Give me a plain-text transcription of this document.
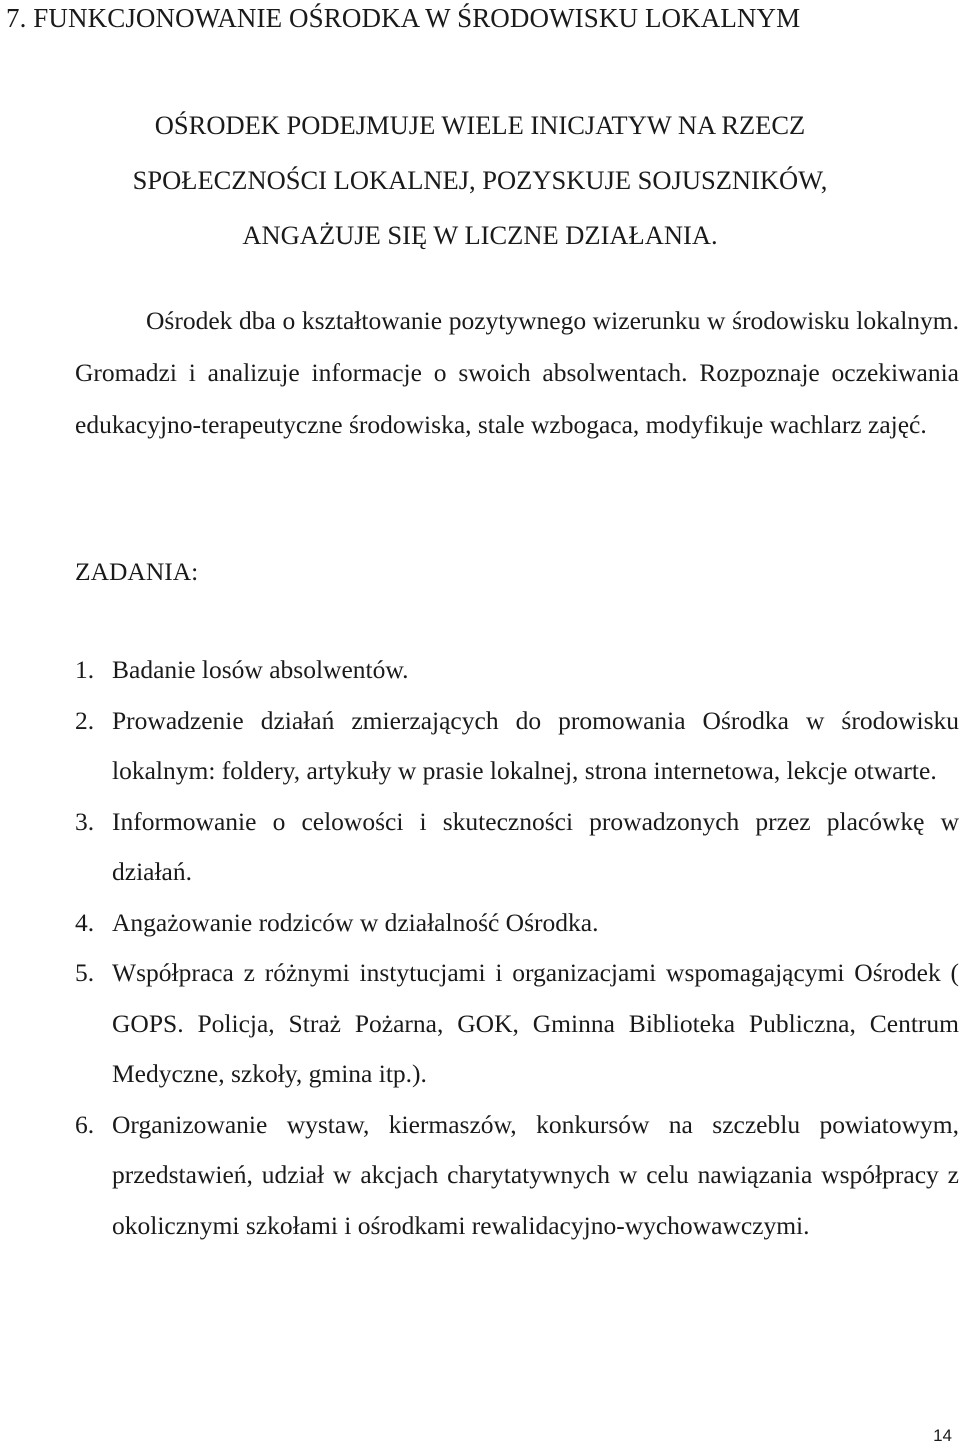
7. FUNKCJONOWANIE OŚRODKA W ŚRODOWISKU LOKALNYM
OŚRODEK PODEJMUJE WIELE INICJATYW NA RZECZ
SPOŁECZNOŚCI LOKALNEJ, POZYSKUJE SOJUSZNIKÓW,
ANGAŻUJE SIĘ W LICZNE DZIAŁANIA.

Ośrodek dba o kształtowanie pozytywnego wizerunku w środowisku lokalnym. Gromadzi i analizuje informacje o swoich absolwentach. Rozpoznaje oczekiwania edukacyjno-terapeutyczne środowiska, stale wzbogaca, modyfikuje wachlarz zajęć.

ZADANIA:
1. Badanie losów absolwentów.
2. Prowadzenie działań zmierzających do promowania Ośrodka w środowisku lokalnym: foldery, artykuły w prasie lokalnej, strona internetowa, lekcje otwarte.
3. Informowanie o celowości i skuteczności prowadzonych przez placówkę w działań.
4. Angażowanie rodziców w działalność Ośrodka.
5. Współpraca z różnymi instytucjami i organizacjami wspomagającymi Ośrodek ( GOPS. Policja, Straż Pożarna, GOK, Gminna Biblioteka Publiczna, Centrum Medyczne, szkoły, gmina itp.).
6. Organizowanie wystaw, kiermaszów, konkursów na szczeblu powiatowym, przedstawień, udział w akcjach charytatywnych w celu nawiązania współpracy z okolicznymi szkołami i ośrodkami rewalidacyjno-wychowawczymi.
14
